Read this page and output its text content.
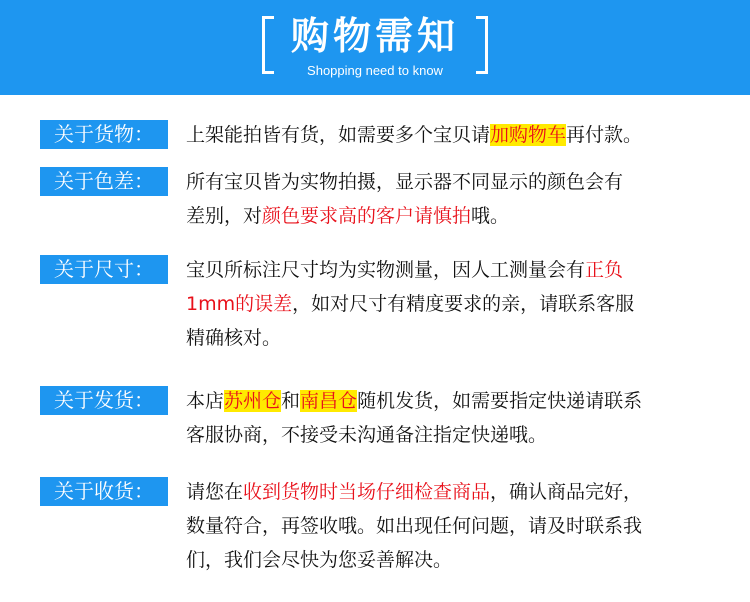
购物需知
Shopping need to know
关于货物：	上架能拍皆有货，如需要多个宝贝请加购物车再付款。
关于色差：	所有宝贝皆为实物拍摄，显示器不同显示的颜色会有
差别，对颜色要求高的客户请慎拍哦。
关于尺寸：	宝贝所标注尺寸均为实物测量，因人工测量会有正负
1mm的误差，如对尺寸有精度要求的亲，请联系客服
精确核对。
关于发货：	本店苏州仓和南昌仓随机发货，如需要指定快递请联系
客服协商，不接受未沟通备注指定快递哦。
关于收货：	请您在收到货物时当场仔细检查商品，确认商品完好，
数量符合，再签收哦。如出现任何问题，请及时联系我
们，我们会尽快为您妥善解决。
